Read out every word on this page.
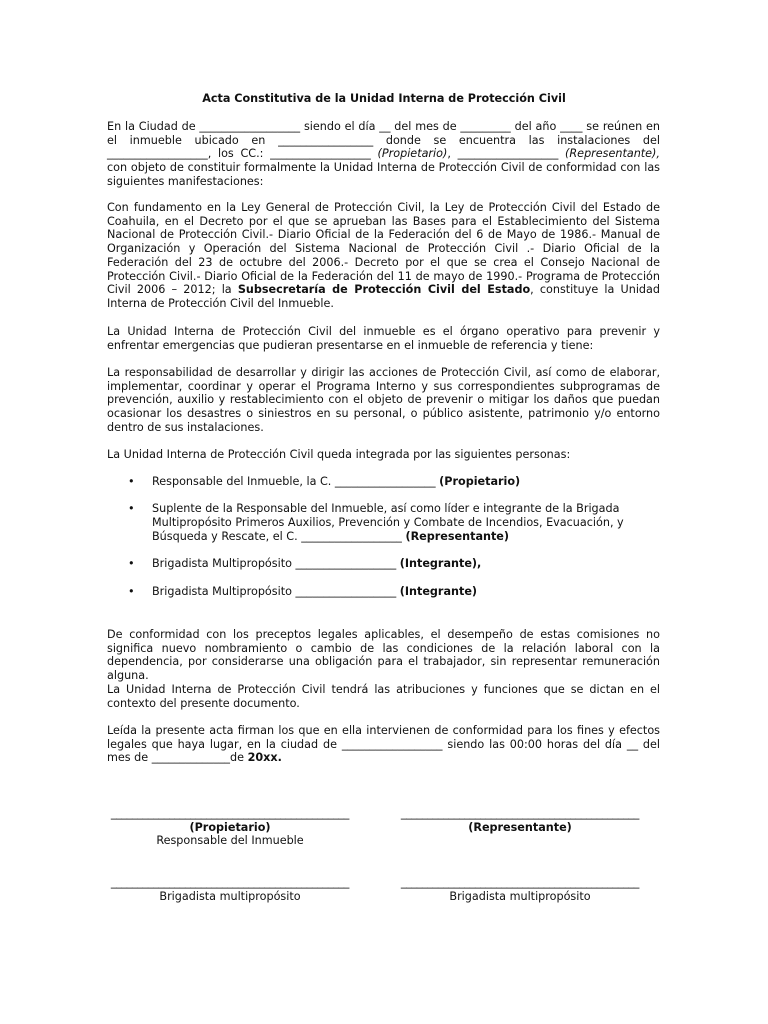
Acta Constitutiva de la Unidad Interna de Protección Civil
En la Ciudad de __________________ siendo el día __ del mes de _________ del año ____ se reúnen en el inmueble ubicado en _________________ donde se encuentra las instalaciones del __________________, los CC.: __________________ (Propietario), __________________ (Representante), con objeto de constituir formalmente la Unidad Interna de Protección Civil de conformidad con las siguientes manifestaciones:
Con fundamento en la Ley General de Protección Civil, la Ley de Protección Civil del Estado de Coahuila, en el Decreto por el que se aprueban las Bases para el Establecimiento del Sistema Nacional de Protección Civil.- Diario Oficial de la Federación del 6 de Mayo de 1986.- Manual de Organización y Operación del Sistema Nacional de Protección Civil .- Diario Oficial de la Federación del 23 de octubre del 2006.- Decreto por el que se crea el Consejo Nacional de Protección Civil.- Diario Oficial de la Federación del 11 de mayo de 1990.- Programa de Protección Civil 2006 – 2012; la Subsecretaría de Protección Civil del Estado, constituye la Unidad Interna de Protección Civil del Inmueble.
La Unidad Interna de Protección Civil del inmueble es el órgano operativo para prevenir y enfrentar emergencias que pudieran presentarse en el inmueble de referencia y tiene:
La responsabilidad de desarrollar y dirigir las acciones de Protección Civil, así como de elaborar, implementar, coordinar y operar el Programa Interno y sus correspondientes subprogramas de prevención, auxilio y restablecimiento con el objeto de prevenir o mitigar los daños que puedan ocasionar los desastres o siniestros en su personal, o público asistente, patrimonio y/o entorno dentro de sus instalaciones.
La Unidad Interna de Protección Civil queda integrada por las siguientes personas:
• Responsable del Inmueble, la C. __________________ (Propietario)
• Suplente de la Responsable del Inmueble, así como líder e integrante de la Brigada Multipropósito Primeros Auxilios, Prevención y Combate de Incendios, Evacuación, y Búsqueda y Rescate, el C. __________________ (Representante)
• Brigadista Multipropósito __________________ (Integrante),
• Brigadista Multipropósito __________________ (Integrante)
De conformidad con los preceptos legales aplicables, el desempeño de estas comisiones no significa nuevo nombramiento o cambio de las condiciones de la relación laboral con la dependencia, por considerarse una obligación para el trabajador, sin representar remuneración alguna.
La Unidad Interna de Protección Civil tendrá las atribuciones y funciones que se dictan en el contexto del presente documento.
Leída la presente acta firman los que en ella intervienen de conformidad para los fines y efectos legales que haya lugar, en la ciudad de __________________ siendo las 00:00 horas del día __ del mes de ______________de 20xx.
_____________________________________________
(Propietario)
Responsable del Inmueble
_____________________________________________
(Representante)
_____________________________________________
Brigadista multipropósito
_____________________________________________
Brigadista multipropósito
